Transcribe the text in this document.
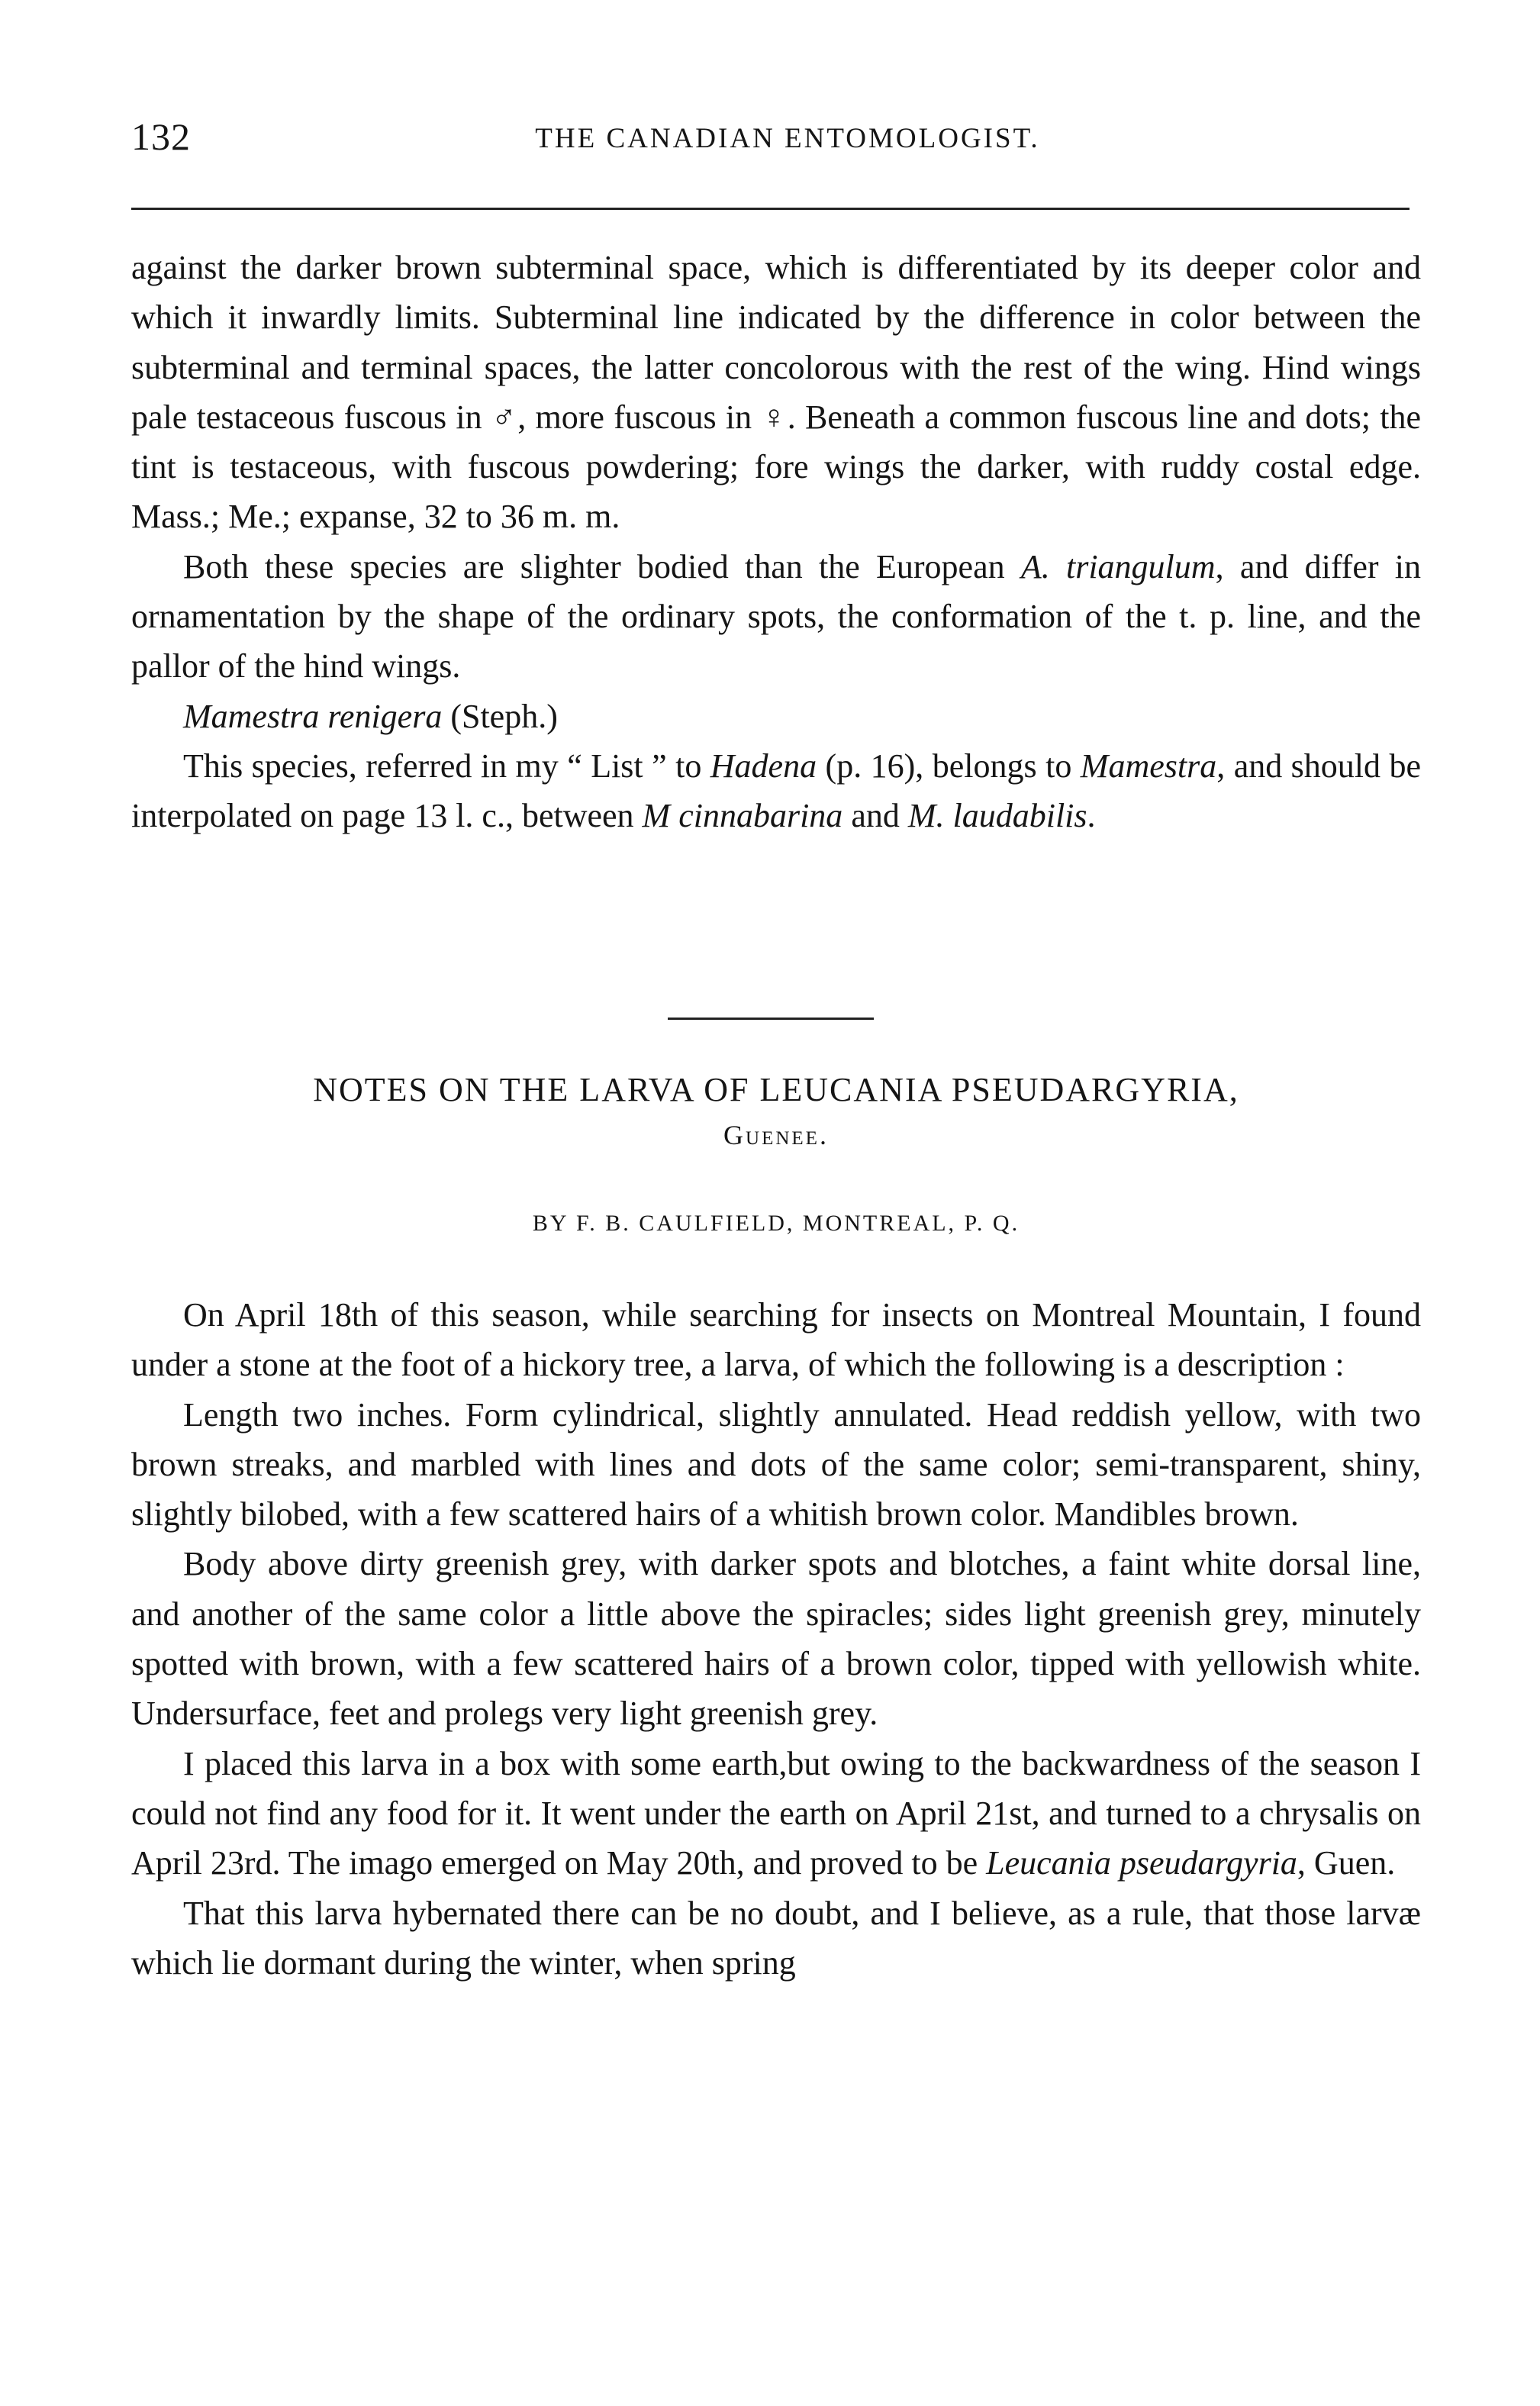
132	THE CANADIAN ENTOMOLOGIST.

against the darker brown subterminal space, which is differentiated by its deeper color and which it inwardly limits. Subterminal line indicated by the difference in color between the subterminal and terminal spaces, the latter concolorous with the rest of the wing. Hind wings pale testaceous fuscous in ♂, more fuscous in ♀. Beneath a common fuscous line and dots; the tint is testaceous, with fuscous powdering; fore wings the darker, with ruddy costal edge. Mass.; Me.; expanse, 32 to 36 m. m.

Both these species are slighter bodied than the European A. triangulum, and differ in ornamentation by the shape of the ordinary spots, the conformation of the t. p. line, and the pallor of the hind wings.

Mamestra renigera (Steph.)

This species, referred in my “ List ” to Hadena (p. 16), belongs to Mamestra, and should be interpolated on page 13 l. c., between M cinnabarina and M. laudabilis.

NOTES ON THE LARVA OF LEUCANIA PSEUDARGYRIA,
Guenee.
BY F. B. CAULFIELD, MONTREAL, P. Q.

On April 18th of this season, while searching for insects on Montreal Mountain, I found under a stone at the foot of a hickory tree, a larva, of which the following is a description :

Length two inches. Form cylindrical, slightly annulated. Head reddish yellow, with two brown streaks, and marbled with lines and dots of the same color; semi-transparent, shiny, slightly bilobed, with a few scattered hairs of a whitish brown color. Mandibles brown.

Body above dirty greenish grey, with darker spots and blotches, a faint white dorsal line, and another of the same color a little above the spiracles; sides light greenish grey, minutely spotted with brown, with a few scattered hairs of a brown color, tipped with yellowish white. Undersurface, feet and prolegs very light greenish grey.

I placed this larva in a box with some earth,but owing to the backwardness of the season I could not find any food for it. It went under the earth on April 21st, and turned to a chrysalis on April 23rd. The imago emerged on May 20th, and proved to be Leucania pseudargyria, Guen.

That this larva hybernated there can be no doubt, and I believe, as a rule, that those larvæ which lie dormant during the winter, when spring
